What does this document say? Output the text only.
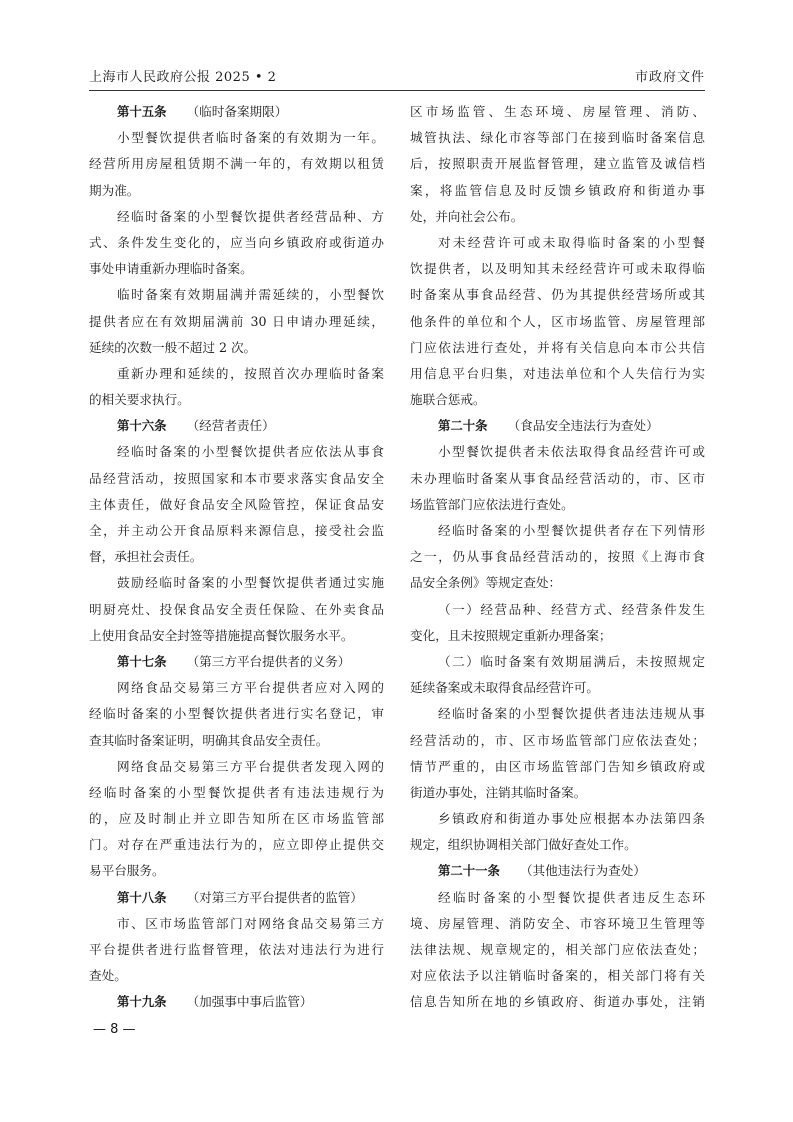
上海市人民政府公报 2025 • 2	市政府文件
第十五条 （临时备案期限）
小型餐饮提供者临时备案的有效期为一年。
经营所用房屋租赁期不满一年的，有效期以租赁
期为准。
经临时备案的小型餐饮提供者经营品种、方
式、条件发生变化的，应当向乡镇政府或街道办
事处申请重新办理临时备案。
临时备案有效期届满并需延续的，小型餐饮
提供者应在有效期届满前 30 日申请办理延续，
延续的次数一般不超过 2 次。
重新办理和延续的，按照首次办理临时备案
的相关要求执行。
第十六条 （经营者责任）
经临时备案的小型餐饮提供者应依法从事食
品经营活动，按照国家和本市要求落实食品安全
主体责任，做好食品安全风险管控，保证食品安
全，并主动公开食品原料来源信息，接受社会监
督，承担社会责任。
鼓励经临时备案的小型餐饮提供者通过实施
明厨亮灶、投保食品安全责任保险、在外卖食品
上使用食品安全封签等措施提高餐饮服务水平。
第十七条 （第三方平台提供者的义务）
网络食品交易第三方平台提供者应对入网的
经临时备案的小型餐饮提供者进行实名登记，审
查其临时备案证明，明确其食品安全责任。
网络食品交易第三方平台提供者发现入网的
经临时备案的小型餐饮提供者有违法违规行为
的，应及时制止并立即告知所在区市场监管部
门。对存在严重违法行为的，应立即停止提供交
易平台服务。
第十八条 （对第三方平台提供者的监管）
市、区市场监管部门对网络食品交易第三方
平台提供者进行监督管理，依法对违法行为进行
查处。
第十九条 （加强事中事后监管）
区市场监管、生态环境、房屋管理、消防、
城管执法、绿化市容等部门在接到临时备案信息
后，按照职责开展监督管理，建立监管及诚信档
案，将监管信息及时反馈乡镇政府和街道办事
处，并向社会公布。
对未经营许可或未取得临时备案的小型餐
饮提供者，以及明知其未经经营许可或未取得临
时备案从事食品经营、仍为其提供经营场所或其
他条件的单位和个人，区市场监管、房屋管理部
门应依法进行查处，并将有关信息向本市公共信
用信息平台归集，对违法单位和个人失信行为实
施联合惩戒。
第二十条 （食品安全违法行为查处）
小型餐饮提供者未依法取得食品经营许可或
未办理临时备案从事食品经营活动的，市、区市
场监管部门应依法进行查处。
经临时备案的小型餐饮提供者存在下列情形
之一，仍从事食品经营活动的，按照《上海市食
品安全条例》等规定查处：
（一）经营品种、经营方式、经营条件发生
变化，且未按照规定重新办理备案；
（二）临时备案有效期届满后，未按照规定
延续备案或未取得食品经营许可。
经临时备案的小型餐饮提供者违法违规从事
经营活动的，市、区市场监管部门应依法查处；
情节严重的，由区市场监管部门告知乡镇政府或
街道办事处，注销其临时备案。
乡镇政府和街道办事处应根据本办法第四条
规定，组织协调相关部门做好查处工作。
第二十一条 （其他违法行为查处）
经临时备案的小型餐饮提供者违反生态环
境、房屋管理、消防安全、市容环境卫生管理等
法律法规、规章规定的，相关部门应依法查处；
对应依法予以注销临时备案的，相关部门将有关
信息告知所在地的乡镇政府、街道办事处，注销
— 8 —
